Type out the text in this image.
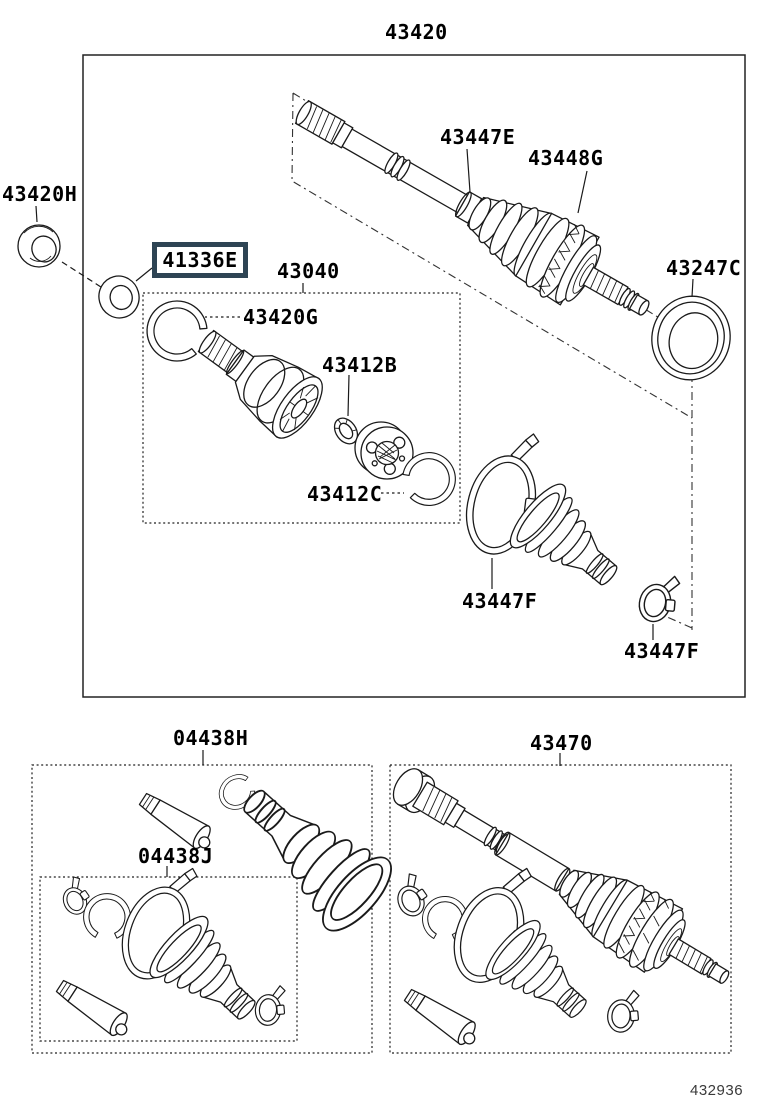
43420
43420H
43040
43420G
43412B
43412C
43447E
43448G
43247C
43447F
43447F
04438H
04438J
43470
41336E
432936
